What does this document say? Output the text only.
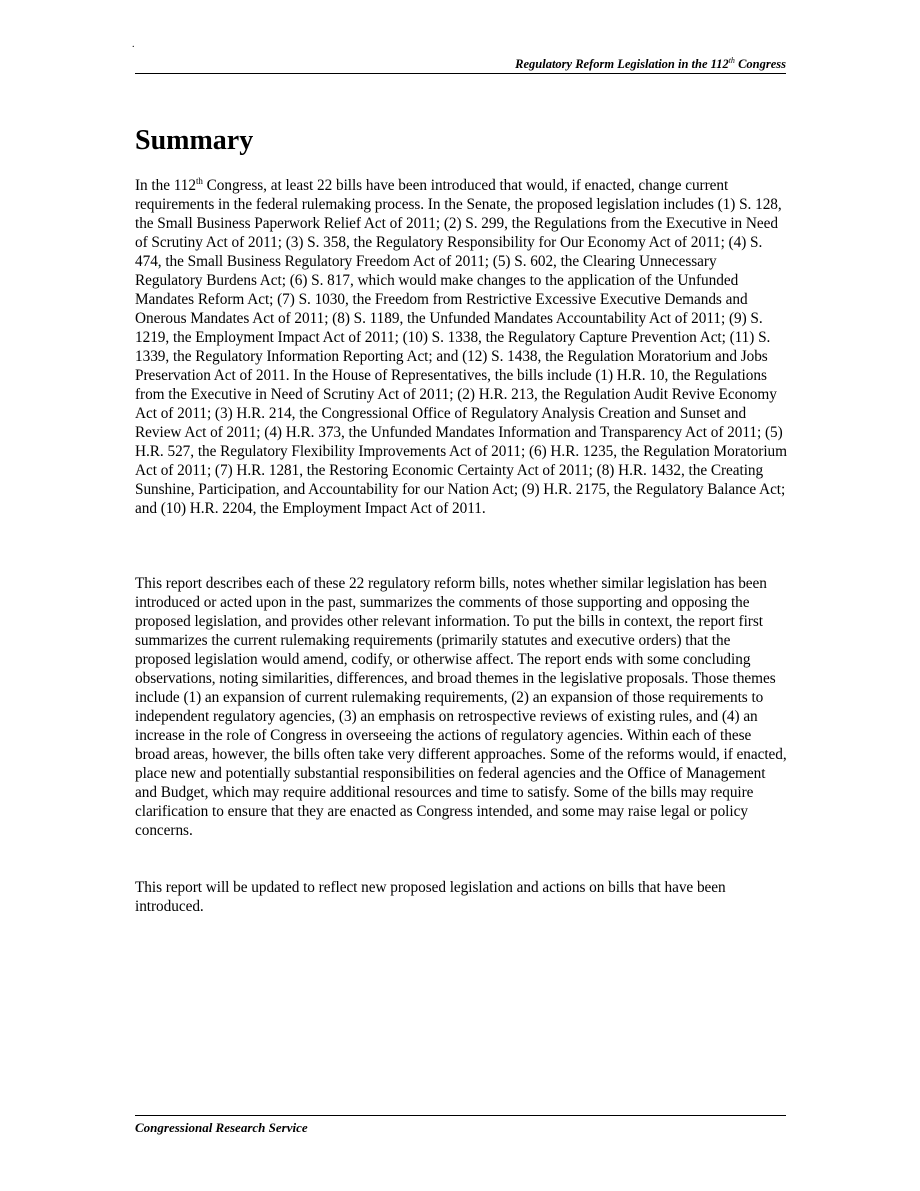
.
Regulatory Reform Legislation in the 112th Congress
Summary

In the 112th Congress, at least 22 bills have been introduced that would, if enacted, change current requirements in the federal rulemaking process. In the Senate, the proposed legislation includes (1) S. 128, the Small Business Paperwork Relief Act of 2011; (2) S. 299, the Regulations from the Executive in Need of Scrutiny Act of 2011; (3) S. 358, the Regulatory Responsibility for Our Economy Act of 2011; (4) S. 474, the Small Business Regulatory Freedom Act of 2011; (5) S. 602, the Clearing Unnecessary Regulatory Burdens Act; (6) S. 817, which would make changes to the application of the Unfunded Mandates Reform Act; (7) S. 1030, the Freedom from Restrictive Excessive Executive Demands and Onerous Mandates Act of 2011; (8) S. 1189, the Unfunded Mandates Accountability Act of 2011; (9) S. 1219, the Employment Impact Act of 2011; (10) S. 1338, the Regulatory Capture Prevention Act; (11) S. 1339, the Regulatory Information Reporting Act; and (12) S. 1438, the Regulation Moratorium and Jobs Preservation Act of 2011. In the House of Representatives, the bills include (1) H.R. 10, the Regulations from the Executive in Need of Scrutiny Act of 2011; (2) H.R. 213, the Regulation Audit Revive Economy Act of 2011; (3) H.R. 214, the Congressional Office of Regulatory Analysis Creation and Sunset and Review Act of 2011; (4) H.R. 373, the Unfunded Mandates Information and Transparency Act of 2011; (5) H.R. 527, the Regulatory Flexibility Improvements Act of 2011; (6) H.R. 1235, the Regulation Moratorium Act of 2011; (7) H.R. 1281, the Restoring Economic Certainty Act of 2011; (8) H.R. 1432, the Creating Sunshine, Participation, and Accountability for our Nation Act; (9) H.R. 2175, the Regulatory Balance Act; and (10) H.R. 2204, the Employment Impact Act of 2011.

This report describes each of these 22 regulatory reform bills, notes whether similar legislation has been introduced or acted upon in the past, summarizes the comments of those supporting and opposing the proposed legislation, and provides other relevant information. To put the bills in context, the report first summarizes the current rulemaking requirements (primarily statutes and executive orders) that the proposed legislation would amend, codify, or otherwise affect. The report ends with some concluding observations, noting similarities, differences, and broad themes in the legislative proposals. Those themes include (1) an expansion of current rulemaking requirements, (2) an expansion of those requirements to independent regulatory agencies, (3) an emphasis on retrospective reviews of existing rules, and (4) an increase in the role of Congress in overseeing the actions of regulatory agencies. Within each of these broad areas, however, the bills often take very different approaches. Some of the reforms would, if enacted, place new and potentially substantial responsibilities on federal agencies and the Office of Management and Budget, which may require additional resources and time to satisfy. Some of the bills may require clarification to ensure that they are enacted as Congress intended, and some may raise legal or policy concerns.

This report will be updated to reflect new proposed legislation and actions on bills that have been introduced.

Congressional Research Service
